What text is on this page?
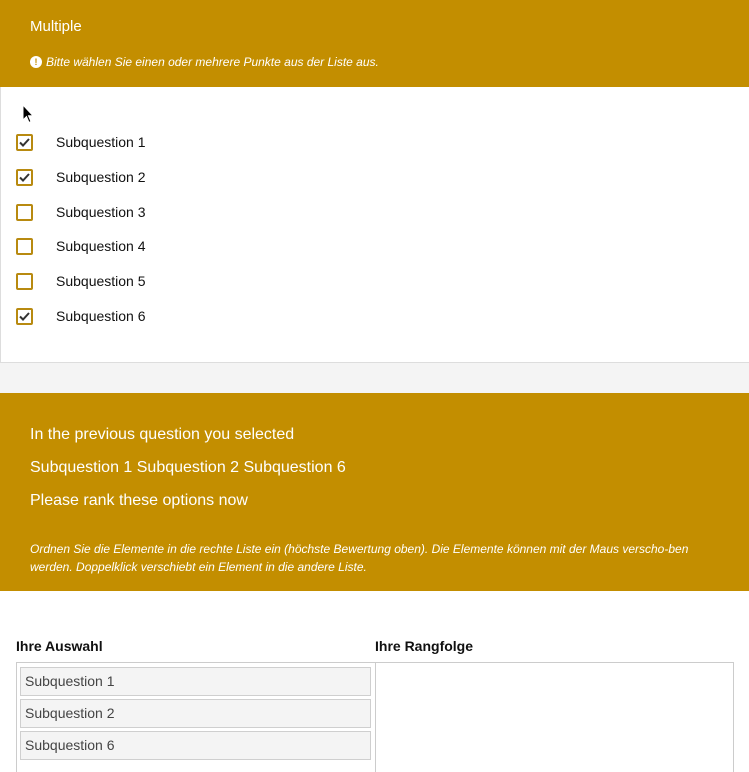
Multiple
! Bitte wählen Sie einen oder mehrere Punkte aus der Liste aus.
Subquestion 1
Subquestion 2
Subquestion 3
Subquestion 4
Subquestion 5
Subquestion 6
In the previous question you selected
Subquestion 1 Subquestion 2 Subquestion 6
Please rank these options now
Ordnen Sie die Elemente in die rechte Liste ein (höchste Bewertung oben). Die Elemente können mit der Maus verscho-ben werden. Doppelklick verschiebt ein Element in die andere Liste.
Ihre Auswahl	Ihre Rangfolge
Subquestion 1
Subquestion 2
Subquestion 6
